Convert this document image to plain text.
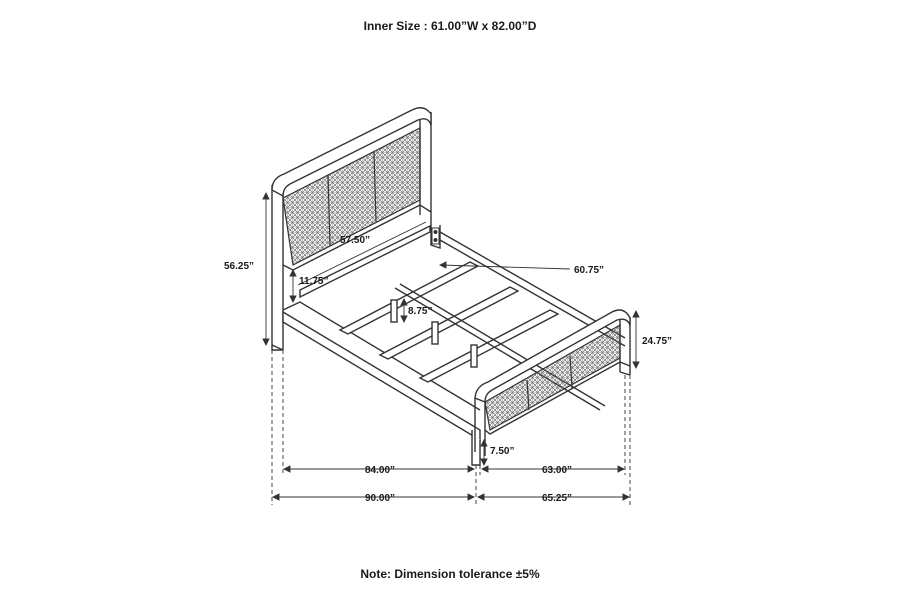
Inner Size : 61.00”W x 82.00”D
56.25”
57.50”
60.75”
11.75”
8.75”
24.75”
7.50”
84.00”	63.00”
90.00”	65.25”
Note: Dimension tolerance ±5%
